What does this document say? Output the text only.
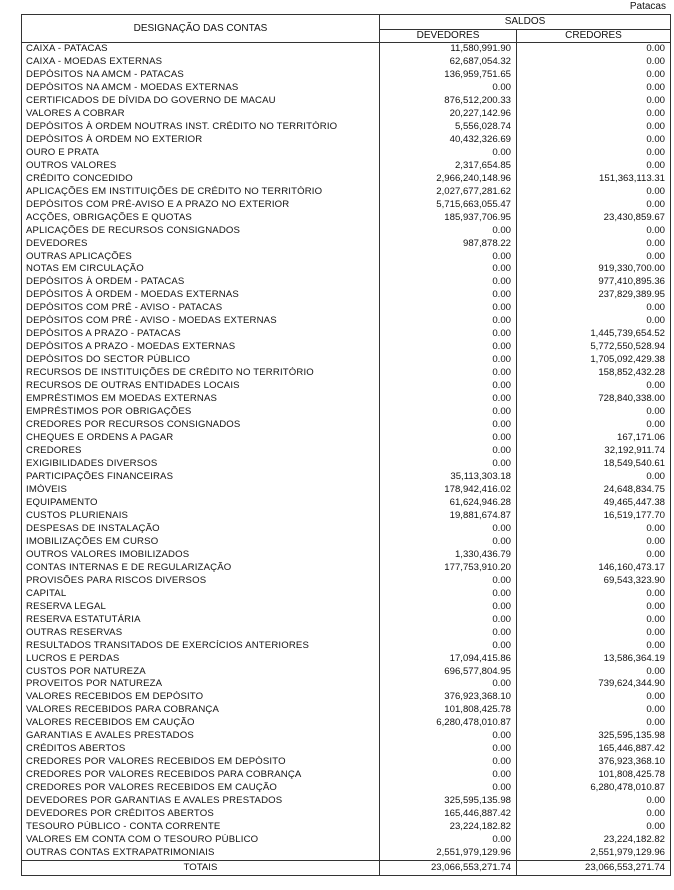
Patacas
DESIGNAÇÃO DAS CONTAS	SALDOS	
	DEVEDORES	CREDORES
CAIXA - PATACAS	11,580,991.90	0.00
CAIXA - MOEDAS EXTERNAS	62,687,054.32	0.00
DEPÓSITOS NA AMCM - PATACAS	136,959,751.65	0.00
DEPÓSITOS NA AMCM - MOEDAS EXTERNAS	0.00	0.00
CERTIFICADOS DE DÍVIDA DO GOVERNO DE MACAU	876,512,200.33	0.00
VALORES A COBRAR	20,227,142.96	0.00
DEPÓSITOS À ORDEM NOUTRAS INST. CRÉDITO NO TERRITÓRIO	5,556,028.74	0.00
DEPÓSITOS À ORDEM NO EXTERIOR	40,432,326.69	0.00
OURO E PRATA	0.00	0.00
OUTROS VALORES	2,317,654.85	0.00
CRÉDITO CONCEDIDO	2,966,240,148.96	151,363,113.31
APLICAÇÕES EM INSTITUIÇÕES DE CRÉDITO NO TERRITÓRIO	2,027,677,281.62	0.00
DEPÓSITOS COM PRÉ-AVISO E A PRAZO NO EXTERIOR	5,715,663,055.47	0.00
ACÇÕES, OBRIGAÇÕES E QUOTAS	185,937,706.95	23,430,859.67
APLICAÇÕES DE RECURSOS CONSIGNADOS	0.00	0.00
DEVEDORES	987,878.22	0.00
OUTRAS APLICAÇÕES	0.00	0.00
NOTAS EM CIRCULAÇÃO	0.00	919,330,700.00
DEPÓSITOS À ORDEM - PATACAS	0.00	977,410,895.36
DEPÓSITOS À ORDEM - MOEDAS EXTERNAS	0.00	237,829,389.95
DEPÓSITOS COM PRÉ - AVISO - PATACAS	0.00	0.00
DEPÓSITOS COM PRÉ - AVISO - MOEDAS EXTERNAS	0.00	0.00
DEPÓSITOS A PRAZO - PATACAS	0.00	1,445,739,654.52
DEPÓSITOS A PRAZO - MOEDAS EXTERNAS	0.00	5,772,550,528.94
DEPÓSITOS DO SECTOR PÚBLICO	0.00	1,705,092,429.38
RECURSOS DE INSTITUIÇÕES DE CRÉDITO NO TERRITÓRIO	0.00	158,852,432.28
RECURSOS DE OUTRAS ENTIDADES LOCAIS	0.00	0.00
EMPRÉSTIMOS EM MOEDAS EXTERNAS	0.00	728,840,338.00
EMPRÉSTIMOS POR OBRIGAÇÕES	0.00	0.00
CREDORES POR RECURSOS CONSIGNADOS	0.00	0.00
CHEQUES E ORDENS A PAGAR	0.00	167,171.06
CREDORES	0.00	32,192,911.74
EXIGIBILIDADES DIVERSOS	0.00	18,549,540.61
PARTICIPAÇÕES FINANCEIRAS	35,113,303.18	0.00
IMÓVEIS	178,942,416.02	24,648,834.75
EQUIPAMENTO	61,624,946.28	49,465,447.38
CUSTOS PLURIENAIS	19,881,674.87	16,519,177.70
DESPESAS DE INSTALAÇÃO	0.00	0.00
IMOBILIZAÇÕES EM CURSO	0.00	0.00
OUTROS VALORES IMOBILIZADOS	1,330,436.79	0.00
CONTAS INTERNAS E DE REGULARIZAÇÃO	177,753,910.20	146,160,473.17
PROVISÕES PARA RISCOS DIVERSOS	0.00	69,543,323.90
CAPITAL	0.00	0.00
RESERVA LEGAL	0.00	0.00
RESERVA ESTATUTÁRIA	0.00	0.00
OUTRAS RESERVAS	0.00	0.00
RESULTADOS TRANSITADOS DE EXERCÍCIOS ANTERIORES	0.00	0.00
LUCROS E PERDAS	17,094,415.86	13,586,364.19
CUSTOS POR NATUREZA	696,577,804.95	0.00
PROVEITOS POR NATUREZA	0.00	739,624,344.90
VALORES RECEBIDOS EM DEPÓSITO	376,923,368.10	0.00
VALORES RECEBIDOS PARA COBRANÇA	101,808,425.78	0.00
VALORES RECEBIDOS EM CAUÇÃO	6,280,478,010.87	0.00
GARANTIAS E AVALES PRESTADOS	0.00	325,595,135.98
CRÉDITOS ABERTOS	0.00	165,446,887.42
CREDORES POR VALORES RECEBIDOS EM DEPÓSITO	0.00	376,923,368.10
CREDORES POR VALORES RECEBIDOS PARA COBRANÇA	0.00	101,808,425.78
CREDORES POR VALORES RECEBIDOS EM CAUÇÃO	0.00	6,280,478,010.87
DEVEDORES POR GARANTIAS E AVALES PRESTADOS	325,595,135.98	0.00
DEVEDORES POR CRÉDITOS ABERTOS	165,446,887.42	0.00
TESOURO PÚBLICO - CONTA CORRENTE	23,224,182.82	0.00
VALORES EM CONTA COM O TESOURO PÚBLICO	0.00	23,224,182.82
OUTRAS CONTAS EXTRAPATRIMONIAIS	2,551,979,129.96	2,551,979,129.96
TOTAIS	23,066,553,271.74	23,066,553,271.74
